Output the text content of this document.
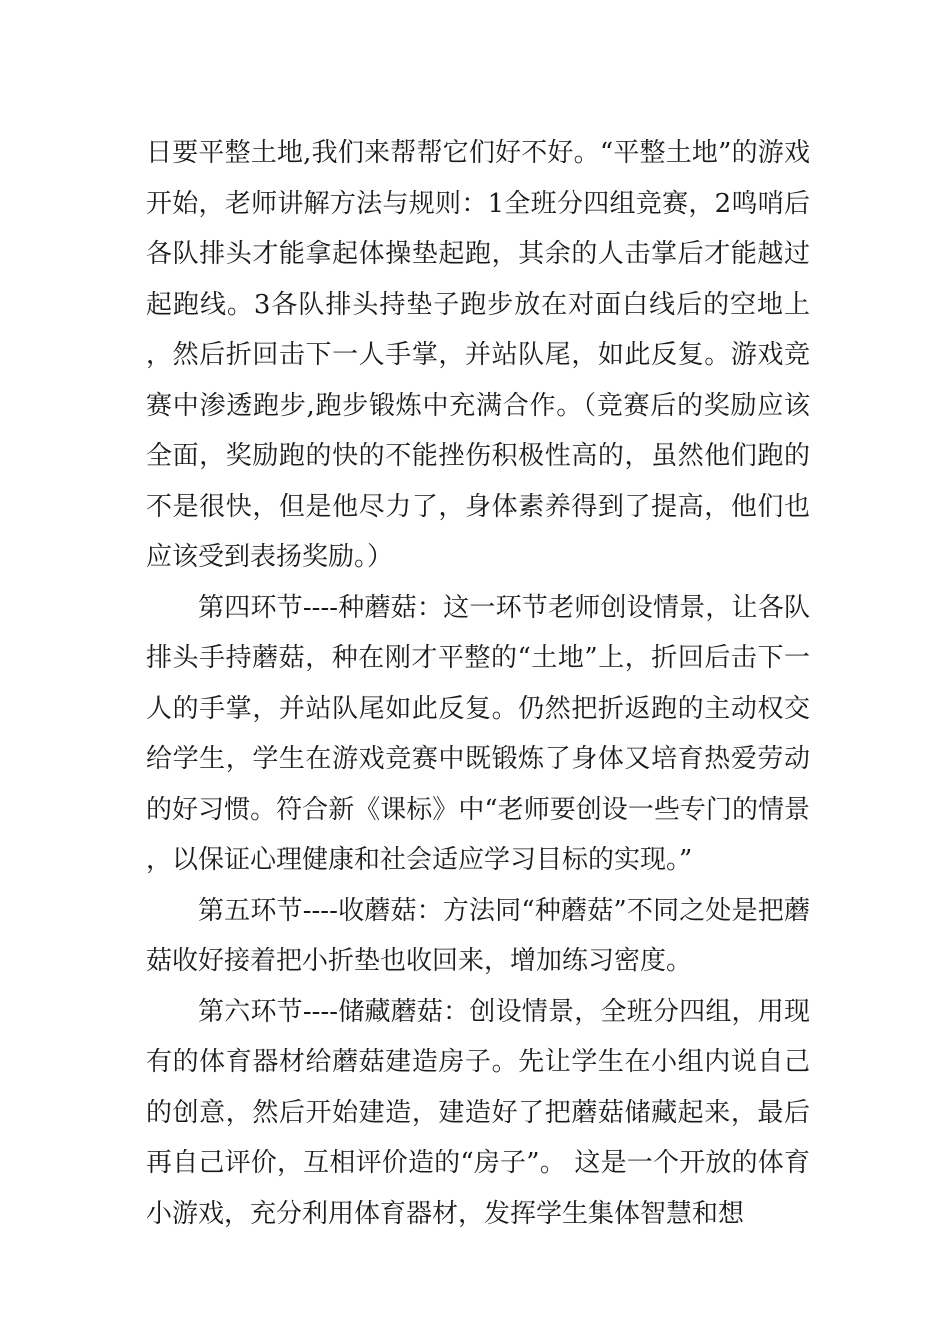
日要平整土地,我们来帮帮它们好不好。“平整土地”的游戏开始，老师讲解方法与规则：1全班分四组竞赛，2鸣哨后各队排头才能拿起体操垫起跑，其余的人击掌后才能越过起跑线。3各队排头持垫子跑步放在对面白线后的空地上，然后折回击下一人手掌，并站队尾，如此反复。游戏竞赛中渗透跑步,跑步锻炼中充满合作。（竞赛后的奖励应该全面，奖励跑的快的不能挫伤积极性高的，虽然他们跑的不是很快，但是他尽力了，身体素养得到了提高，他们也应该受到表扬奖励。）

第四环节----种蘑菇：这一环节老师创设情景，让各队排头手持蘑菇，种在刚才平整的“土地”上，折回后击下一人的手掌，并站队尾如此反复。仍然把折返跑的主动权交给学生，学生在游戏竞赛中既锻炼了身体又培育热爱劳动的好习惯。符合新《课标》中“老师要创设一些专门的情景，以保证心理健康和社会适应学习目标的实现。”

第五环节----收蘑菇：方法同“种蘑菇”不同之处是把蘑菇收好接着把小折垫也收回来，增加练习密度。

第六环节----储藏蘑菇：创设情景，全班分四组，用现有的体育器材给蘑菇建造房子。先让学生在小组内说自己的创意，然后开始建造，建造好了把蘑菇储藏起来，最后再自己评价，互相评价造的“房子”。 这是一个开放的体育小游戏，充分利用体育器材，发挥学生集体智慧和想
